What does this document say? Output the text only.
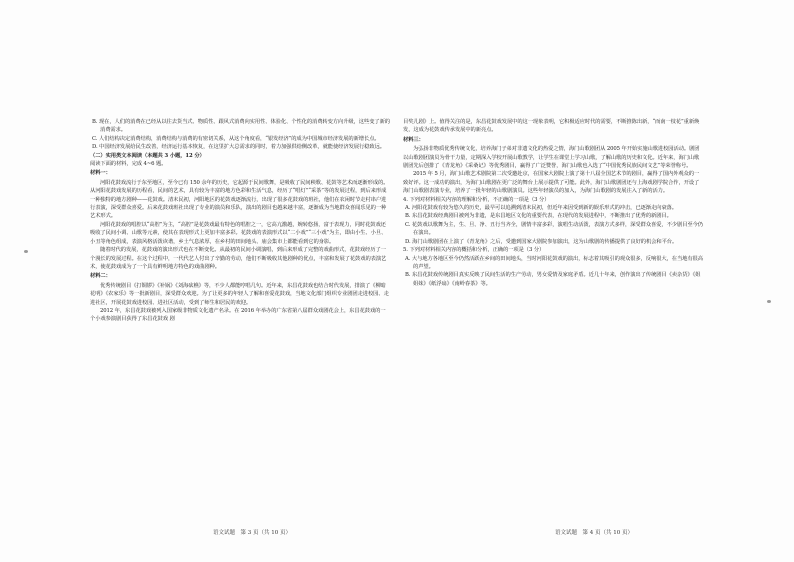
B. 现在，人们的消费在已经从以往去货当式、物质性、跟风式消费向实用性、体验化、个性化的消费转变方向升级，这些变了新的消费需求。

C. 人们结构决定消费结构，消费结构与消费的有密切关系，从这个角度看，“银发经济”的成为中国城市经济发展的新增长点。

D. 中国经济发展给民生改善，经济运行基本恢复，在这里扩大总需求的同时，着力加强供给侧改革，就能使经济发展行稳致远。

（二）实用类文本阅读（本题共 3 小题，12 分）

阅读下面的材料，完成 4~6 题。

材料一：

河阳花鼓戏流行于东至地区，至今已有 150 余年的历史，它起源于民间歌舞，是吸收了民间秧歌、花鼓等艺术而逐渐形成的。从河阳花鼓戏发展的历程看，民间的艺术，具有较为丰富的地方色彩和生活气息，经历了“唱灯”“采茶”等的发展过程，到后来形成一种独特的地方剧种——花鼓戏。清末民初，河阳地区的花鼓戏逐渐流行，出现了很多花鼓戏的班社，他们在农闲时节走村串户进行表演，深受群众喜爱。后来花鼓戏班社出现了专业的演员和乐队，演出的剧目也越来越丰富，逐渐成为当地群众喜闻乐见的一种艺术形式。

河阳花鼓戏的唱腔以“高腔”为主，“高腔”是花鼓戏最有特色的唱腔之一，它高亢激越，婉转悠扬，富于表现力，同时花鼓戏还吸收了民间小调、山歌等元素，使其在表现形式上更加丰富多彩。花鼓戏的表演形式以“二小戏”“三小戏”为主，即由小生、小旦、小丑等角色组成，表演风格活泼诙谐，乡土气息浓厚，在乡村的田间地头、庙会集市上都能看到它的身影。

随着时代的发展，花鼓戏的演出形式也在不断变化。从最初的民间小调演唱，到后来形成了完整的戏曲形式，花鼓戏经历了一个漫长的发展过程。在这个过程中，一代代艺人付出了辛勤的劳动，他们不断吸收其他剧种的优点，丰富和发展了花鼓戏的表演艺术，使花鼓戏成为了一个具有鲜明地方特色的戏曲剧种。

材料二：

优秀传统剧目《打铜锣》《补锅》《刘海砍樵》等，不少人都能哼唱几句。近年来，东昌花鼓戏也结合时代发展，排演了《柳暗花明》《农家乐》等一批新剧目，深受群众欢迎。为了让更多的年轻人了解和喜爱花鼓戏，当地文化部门组织专业剧团走进校园、走进社区，开展花鼓戏进校园、进社区活动，受到了师生和居民的欢迎。

2012 年，东昌花鼓戏被列入国家级非物质文化遗产名录。在 2016 年举办的广东省第八届群众戏剧花会上，东昌花鼓戏的一个小戏参演剧目获得了东昌花鼓戏 剧

目奖儿剧》上。值得关注的是，东昌花鼓戏发展中的这一现象表明，它积极适应时代的需要，不断推陈出新，“而南一枝花”重新焕发，这成为花鼓戏传承发展中的新亮点。

材料三：

为弘扬非物质优秀传统文化，培养海门子弟对非遗文化的热爱之情，海门山歌剧团从 2005 年开始实施山歌进校园活动。剧团以山歌剧团演员为骨干力量，定期深入学校开展山歌教学，让学生在课堂上学习山歌，了解山歌的历史和文化。近年来，海门山歌剧团先后创排了《青龙角》《采桑记》等优秀剧目，赢得了广泛赞誉，海门山歌也入选了“中国优秀民族民间文艺”等荣誉称号。

2015 年 5 月，海门山歌艺术剧院第二次受邀赴京，在国家大剧院上演了第十八届全国艺术节的剧目，赢得了国内外观众的一致好评。这一成功的演出，为海门山歌剧在更广泛的舞台上展示提供了可能。此外，海门山歌剧团还与上海戏剧学院合作，开设了海门山歌剧表演专业，培养了一批年轻的山歌剧演员。这些年轻演员的加入，为海门山歌剧的发展注入了新的活力。

4. 下列对材料相关内容的理解和分析，不正确的一项是（3 分）

A. 河阳花鼓戏有较为悠久的历史，最早可以追溯到清末民初，但近年来因受到新的娱乐形式的冲击，已逐渐走向衰落。

B. 东昌花鼓戏经典剧目被列为非遗，是东昌地区文化的重要代表，在现代的发展进程中，不断推出了优秀的新剧目。

C. 花鼓戏以歌舞为主，生、旦、净、丑行当齐全，剧情丰富多彩，演唱生动活泼，表演方式多样，深受群众喜爱，不少剧目至今仍在演出。

D. 海门山歌剧团在上演了《青龙角》之后，受邀到国家大剧院参加演出，这为山歌剧的传播提供了良好的机会和平台。

5. 下列对材料相关内容的概括和分析，正确的一项是（3 分）

A. 大与地方各地区至今仍然活跃在乡间的田间地头，当时河阳花鼓戏的演出，标志着其吸引的观众很多，反响很大，在当地有很高的声望。

B. 东昌花鼓戏传统剧目真实反映了民间生活的生产劳动，男女爱情及家庭矛盾。近几十年来，创作演出了传统剧目《卖杂货》《姐姐妹》《纸浮扇》《南岭春茶》等。

语文试题　第 3 页（共 10 页）	语文试题　第 4 页（共 10 页）
